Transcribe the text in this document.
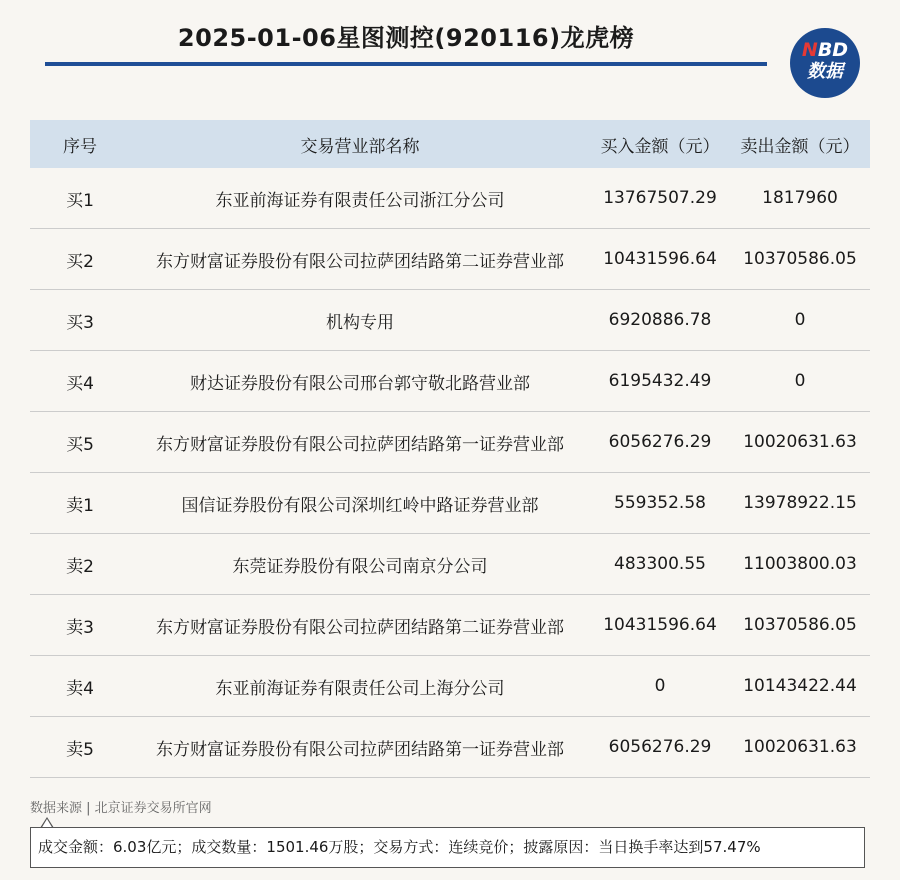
2025-01-06星图测控(920116)龙虎榜	NBD
数据
序号	交易营业部名称	买入金额（元）	卖出金额（元）
买1	东亚前海证券有限责任公司浙江分公司	13767507.29	1817960
买2	东方财富证券股份有限公司拉萨团结路第二证券营业部	10431596.64	10370586.05
买3	机构专用	6920886.78	0
买4	财达证券股份有限公司邢台郭守敬北路营业部	6195432.49	0
买5	东方财富证券股份有限公司拉萨团结路第一证券营业部	6056276.29	10020631.63
卖1	国信证券股份有限公司深圳红岭中路证券营业部	559352.58	13978922.15
卖2	东莞证券股份有限公司南京分公司	483300.55	11003800.03
卖3	东方财富证券股份有限公司拉萨团结路第二证券营业部	10431596.64	10370586.05
卖4	东亚前海证券有限责任公司上海分公司	0	10143422.44
卖5	东方财富证券股份有限公司拉萨团结路第一证券营业部	6056276.29	10020631.63
数据来源 | 北京证券交易所官网
成交金额：6.03亿元；成交数量：1501.46万股；交易方式：连续竞价；披露原因：当日换手率达到57.47%
